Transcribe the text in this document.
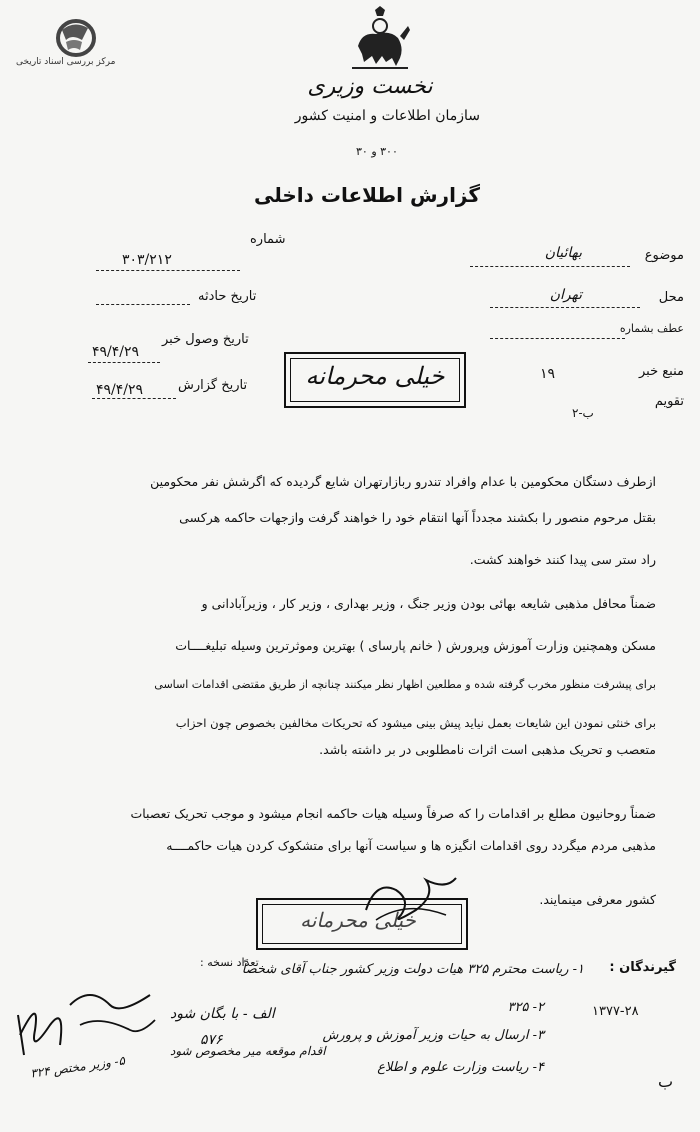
مرکز بررسی اسناد تاریخی
نخست وزیری
سازمان اطلاعات و امنیت کشور
۳۰۰ و ۳۰
گزارش اطلاعات داخلی
موضوع
بهائیان
محل
تهران
عطف بشماره
منبع خبر
۱۹
تقویم
۲-ب
شماره
۳۰۳/۲۱۲
تاریخ حادثه
تاریخ وصول خبر
۴۹/۴/۲۹
تاریخ گزارش
۴۹/۴/۲۹	خیلی محرمانه
ازطرف دستگان محکومین با عدام وافراد تندرو ربازارتهران شایع گردیده که اگرشش نفر محکومین
بقتل مرحوم منصور را بکشند مجدداً آنها انتقام خود را خواهند گرفت وازجهات حاکمه هرکسی
راد ستر سی پیدا کنند خواهند کشت.
ضمناً محافل مذهبی شایعه بهائی بودن وزیر جنگ ، وزیر بهداری ، وزیر کار ، وزیرآبادانی و
مسکن وهمچنین وزارت آموزش وپرورش ( خانم پارسای ) بهترین وموثرترین وسیله تبلیغــــات
برای پیشرفت منظور مخرب گرفته شده و مطلعین اظهار نظر میکنند چنانچه از طریق مقتضی اقدامات اساسی
برای خنثی نمودن این شایعات بعمل نیاید پیش بینی میشود که تحریکات مخالفین بخصوص چون احزاب
متعصب و تحریک مذهبی است اثرات نامطلوبی در بر داشته باشد.
ضمناً روحانیون مطلع بر اقدامات را که صرفاً وسیله هیات حاکمه انجام میشود و موجب تحریک تعصبات
مذهبی مردم میگردد روی اقدامات انگیزه ها و سیاست آنها برای متشکوک کردن هیات حاکمــــه
کشور معرفی مینمایند.
خیلی محرمانه
گیرندگان :
تعداد نسخه :
۱- ریاست محترم ۳۲۵ هیات دولت وزیر کشور جناب آقای شخصاً
۱۳۷۷-۲۸
۲- ۳۲۵
۳- ارسال به حیات وزیر آموزش و پرورش
۴- ریاست وزارت علوم و اطلاع
الف - با بگان شود
۵۷۶
اقدام موقعه میر مخصوص شود
۵- وزیر مختص ۳۲۴
ب
